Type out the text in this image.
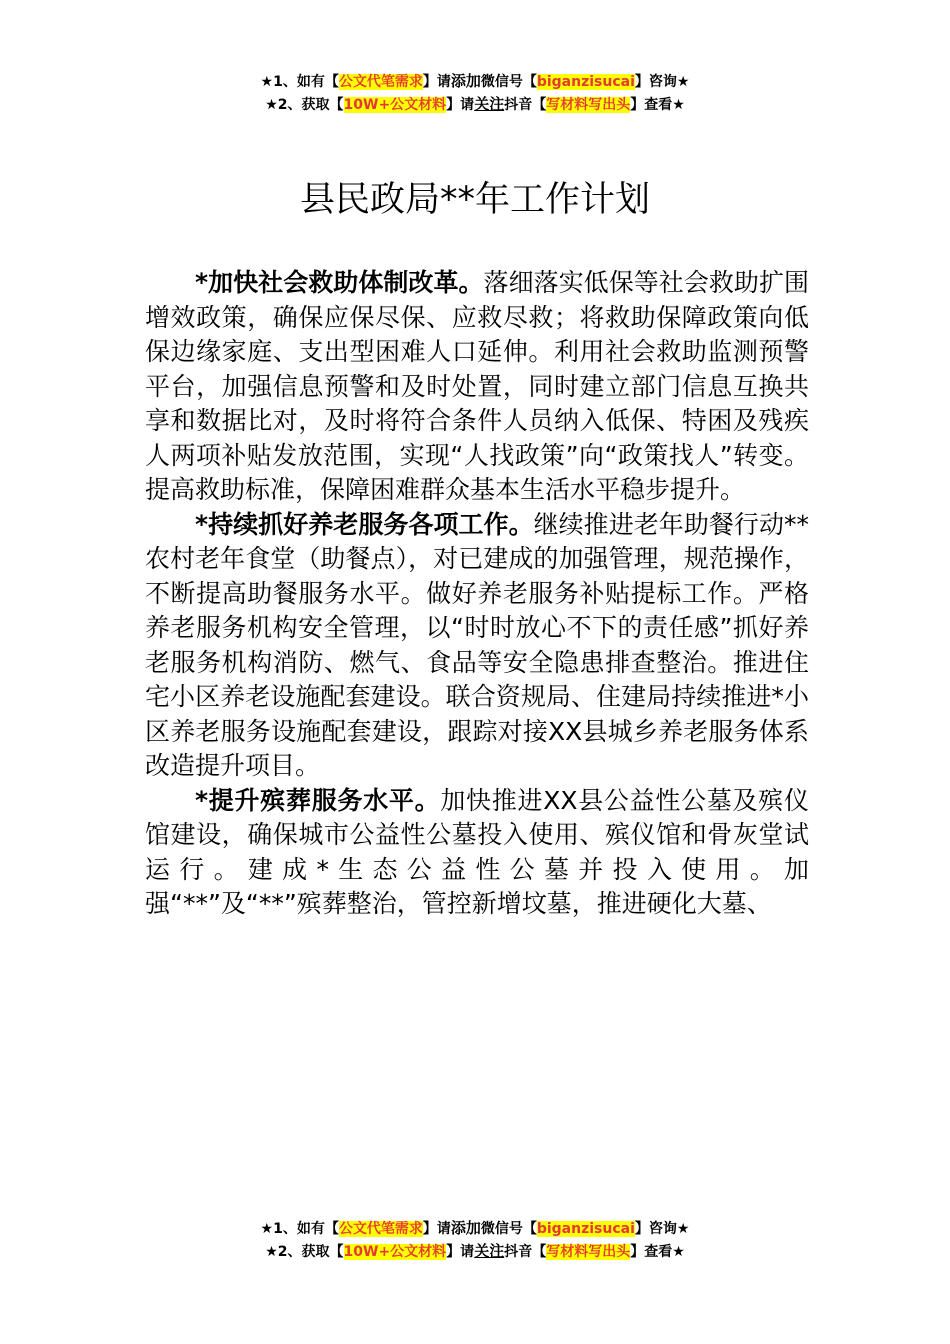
★1、如有【公文代笔需求】请添加微信号【biganzisucai】咨询★
★2、获取【10W+公文材料】请关注抖音【写材料写出头】查看★
县民政局**年工作计划

*加快社会救助体制改革。落细落实低保等社会救助扩围增效政策，确保应保尽保、应救尽救；将救助保障政策向低保边缘家庭、支出型困难人口延伸。利用社会救助监测预警平台，加强信息预警和及时处置，同时建立部门信息互换共享和数据比对，及时将符合条件人员纳入低保、特困及残疾人两项补贴发放范围，实现“人找政策”向“政策找人”转变。提高救助标准，保障困难群众基本生活水平稳步提升。

*持续抓好养老服务各项工作。继续推进老年助餐行动**农村老年食堂（助餐点），对已建成的加强管理，规范操作，不断提高助餐服务水平。做好养老服务补贴提标工作。严格养老服务机构安全管理，以“时时放心不下的责任感”抓好养老服务机构消防、燃气、食品等安全隐患排查整治。推进住宅小区养老设施配套建设。联合资规局、住建局持续推进*小区养老服务设施配套建设，跟踪对接XX县城乡养老服务体系改造提升项目。

*提升殡葬服务水平。加快推进XX县公益性公墓及殡仪馆建设，确保城市公益性公墓投入使用、殡仪馆和骨灰堂试运行。建成*生态公益性公墓并投入使用。加强“**”及“**”殡葬整治，管控新增坟墓，推进硬化大墓、

★1、如有【公文代笔需求】请添加微信号【biganzisucai】咨询★
★2、获取【10W+公文材料】请关注抖音【写材料写出头】查看★
